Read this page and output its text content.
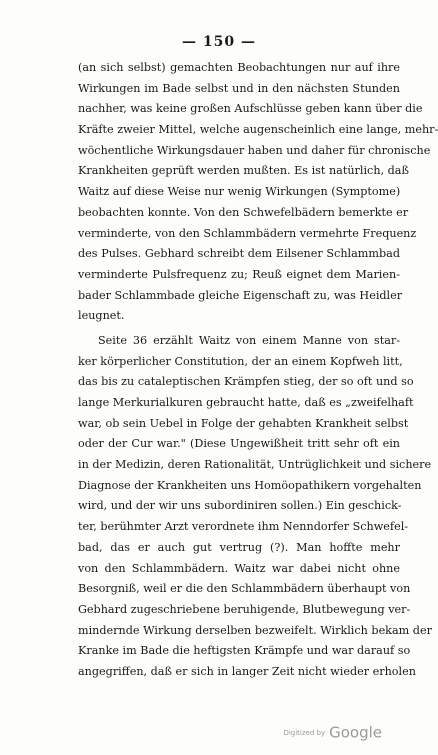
— 150 —
(an sich selbst) gemachten Beobachtungen nur auf ihre
Wirkungen im Bade selbst und in den nächsten Stunden
nachher, was keine großen Aufschlüsse geben kann über die
Kräfte zweier Mittel, welche augenscheinlich eine lange, mehr-
wöchentliche Wirkungsdauer haben und daher für chronische
Krankheiten geprüft werden mußten. Es ist natürlich, daß
Waitz auf diese Weise nur wenig Wirkungen (Symptome)
beobachten konnte. Von den Schwefelbädern bemerkte er
verminderte, von den Schlammbädern vermehrte Frequenz
des Pulses. Gebhard schreibt dem Eilsener Schlammbad
verminderte Pulsfrequenz zu; Reuß eignet dem Marien-
bader Schlammbade gleiche Eigenschaft zu, was Heidler
leugnet.
Seite 36 erzählt Waitz von einem Manne von star-
ker körperlicher Constitution, der an einem Kopfweh litt,
das bis zu cataleptischen Krämpfen stieg, der so oft und so
lange Merkurialkuren gebraucht hatte, daß es „zweifelhaft
war, ob sein Uebel in Folge der gehabten Krankheit selbst
oder der Cur war." (Diese Ungewißheit tritt sehr oft ein
in der Medizin, deren Rationalität, Untrüglichkeit und sichere
Diagnose der Krankheiten uns Homöopathikern vorgehalten
wird, und der wir uns subordiniren sollen.) Ein geschick-
ter, berühmter Arzt verordnete ihm Nenndorfer Schwefel-
bad, das er auch gut vertrug (?). Man hoffte mehr
von den Schlammbädern. Waitz war dabei nicht ohne
Besorgniß, weil er die den Schlammbädern überhaupt von
Gebhard zugeschriebene beruhigende, Blutbewegung ver-
mindernde Wirkung derselben bezweifelt. Wirklich bekam der
Kranke im Bade die heftigsten Krämpfe und war darauf so
angegriffen, daß er sich in langer Zeit nicht wieder erholen
Digitized by Google
